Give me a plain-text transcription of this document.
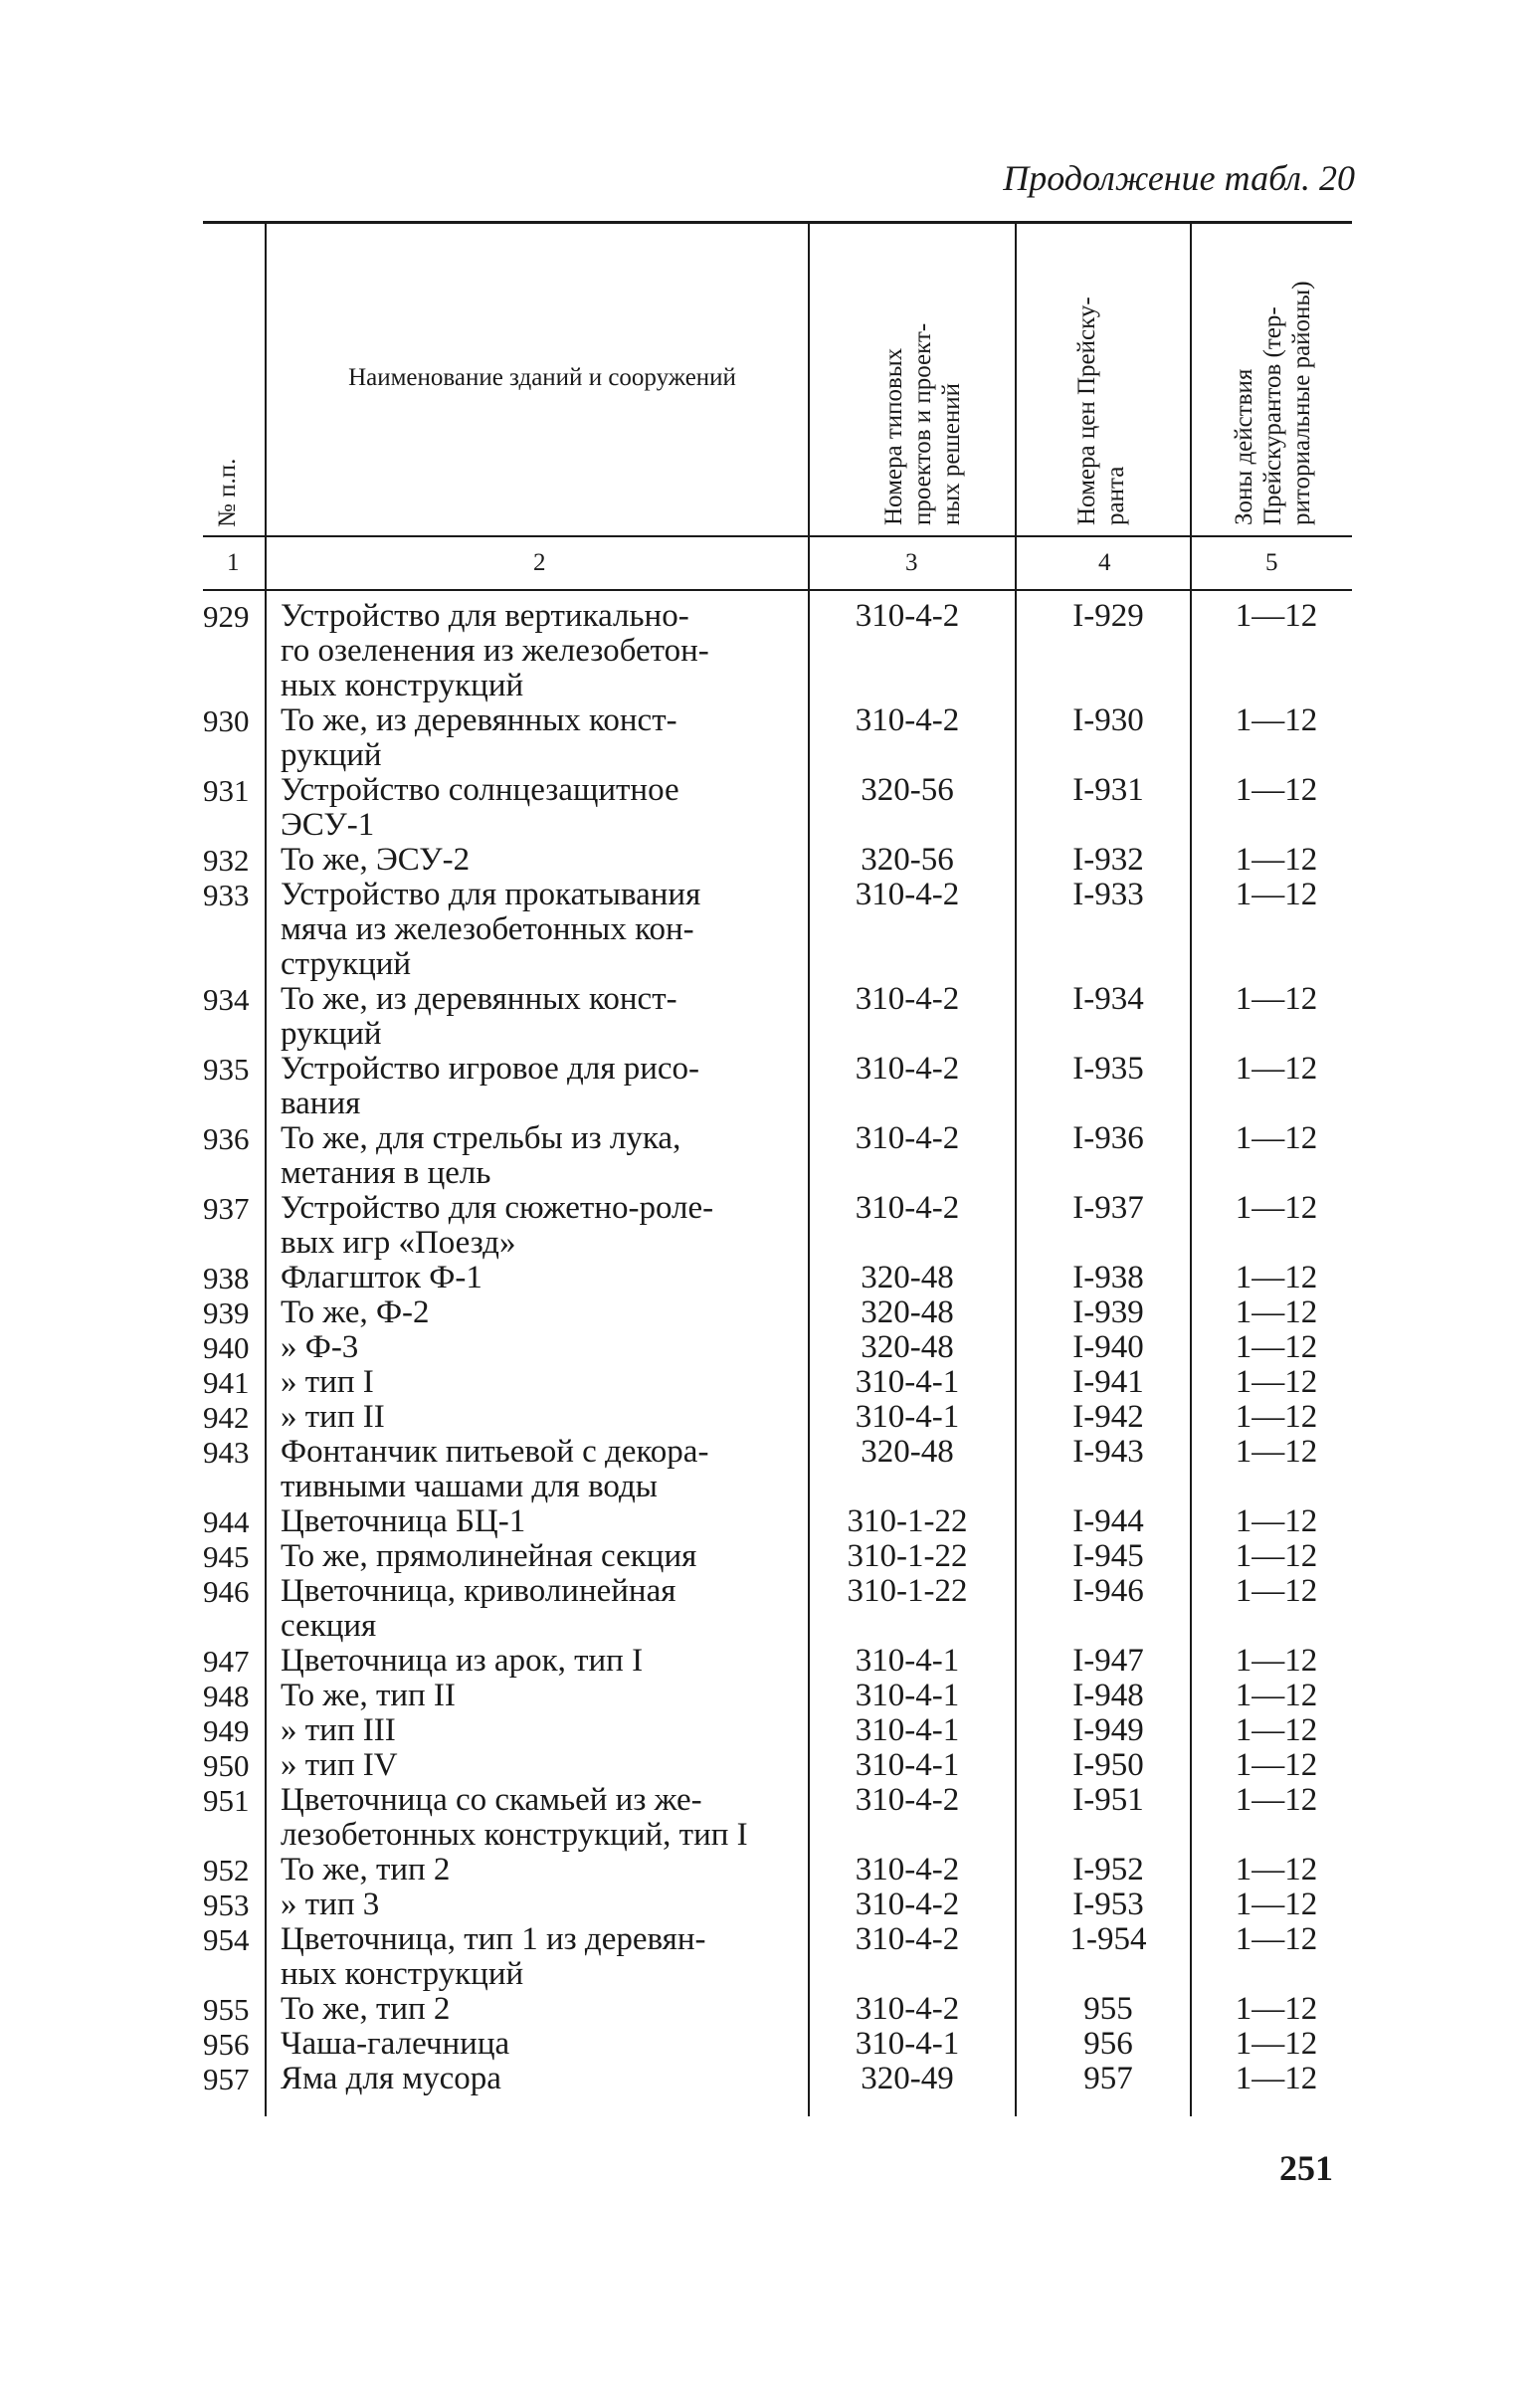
Продолжение табл. 20
№ п.п.
Наименование зданий и сооружений	Номера типовых проектов и проект- ных решений	Номера цен Прейску- ранта	Зоны действия Прейскурантов (тер- риториальные районы)
1	2	3	4	5
929 Устройство для вертикально-
го озеленения из железобетон-
ных конструкций
310-4-2	I-929	1—12
930 То же, из деревянных конст-
рукций
310-4-2	I-930	1—12
931 Устройство солнцезащитное
ЭСУ-1
320-56	I-931	1—12
932 То же, ЭСУ-2	320-56	I-932	1—12
933 Устройство для прокатывания
мяча из железобетонных кон-
струкций
310-4-2	I-933	1—12
934 То же, из деревянных конст-
рукций
310-4-2	I-934	1—12
935 Устройство игровое для рисо-
вания
310-4-2	I-935	1—12
936 То же, для стрельбы из лука,
метания в цель
310-4-2	I-936	1—12
937 Устройство для сюжетно-роле-
вых игр «Поезд»
310-4-2	I-937	1—12
938 Флагшток Ф-1	320-48	I-938	1—12
939 То же, Ф-2	320-48	I-939	1—12
940 » Ф-3	320-48	I-940	1—12
941 » тип I	310-4-1	I-941	1—12
942 » тип II	310-4-1	I-942	1—12
943 Фонтанчик питьевой с декора-
тивными чашами для воды
320-48	I-943	1—12
944 Цветочница БЦ-1	310-1-22	I-944	1—12
945 То же, прямолинейная секция	310-1-22	I-945	1—12
946 Цветочница, криволинейная
секция
310-1-22	I-946	1—12
947 Цветочница из арок, тип I	310-4-1	I-947	1—12
948 То же, тип II	310-4-1	I-948	1—12
949 » тип III	310-4-1	I-949	1—12
950 » тип IV	310-4-1	I-950	1—12
951 Цветочница со скамьей из же-
лезобетонных конструкций, тип I
310-4-2	I-951	1—12
952 То же, тип 2	310-4-2	I-952	1—12
953 » тип 3	310-4-2	I-953	1—12
954 Цветочница, тип 1 из деревян-
ных конструкций
310-4-2	1-954	1—12
955 То же, тип 2	310-4-2	955	1—12
956 Чаша-галечница	310-4-1	956	1—12
957 Яма для мусора	320-49	957	1—12
251
